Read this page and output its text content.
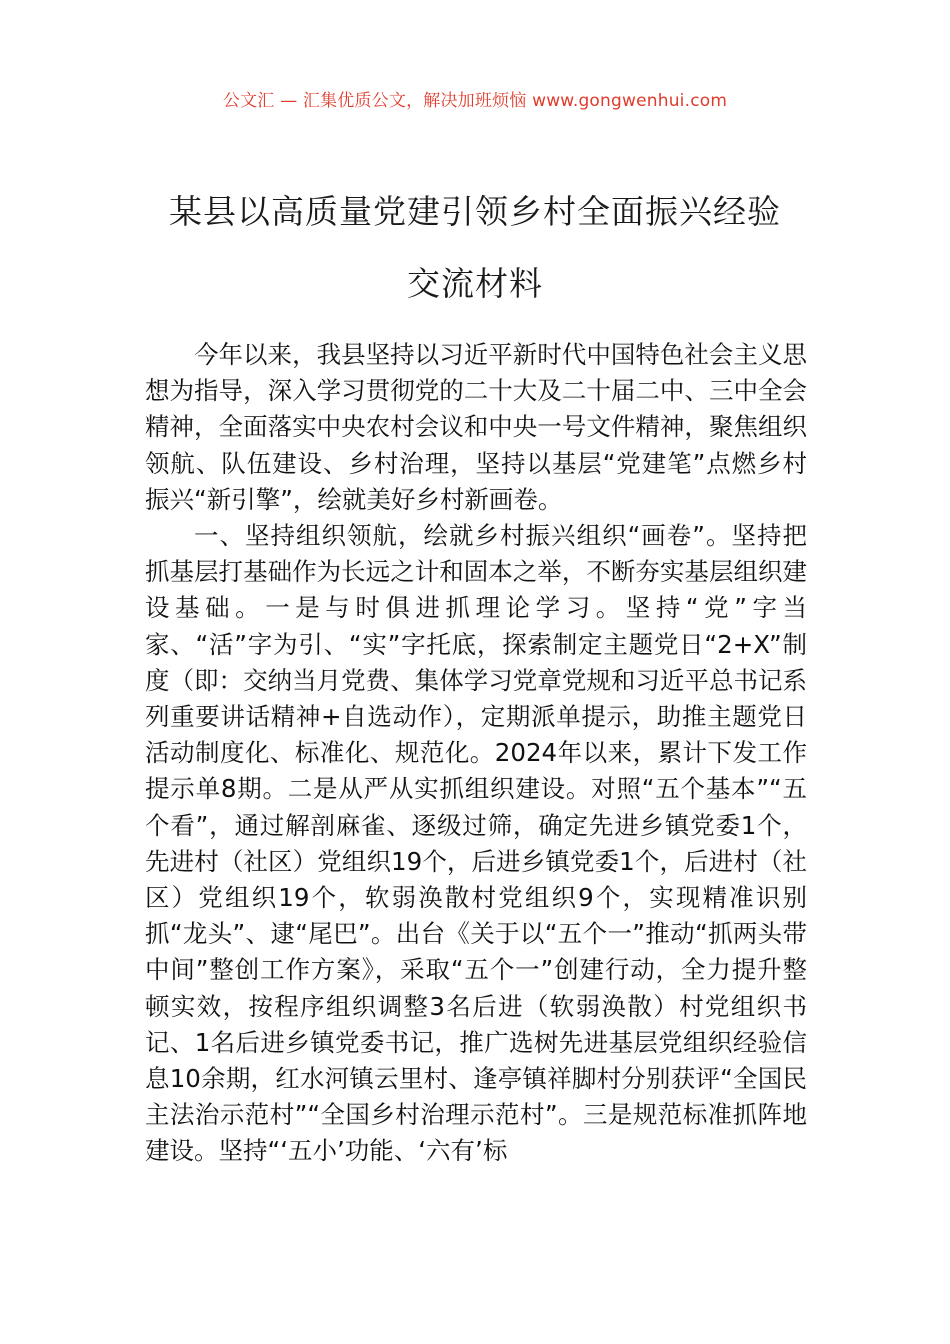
公文汇 — 汇集优质公文，解决加班烦恼 www.gongwenhui.com
某县以高质量党建引领乡村全面振兴经验
交流材料

今年以来，我县坚持以习近平新时代中国特色社会主义思想为指导，深入学习贯彻党的二十大及二十届二中、三中全会精神，全面落实中央农村会议和中央一号文件精神，聚焦组织领航、队伍建设、乡村治理，坚持以基层“党建笔”点燃乡村振兴“新引擎”，绘就美好乡村新画卷。

一、坚持组织领航，绘就乡村振兴组织“画卷”。坚持把抓基层打基础作为长远之计和固本之举，不断夯实基层组织建设基础。一是与时俱进抓理论学习。坚持“党”字当家、“活”字为引、“实”字托底，探索制定主题党日“2+X”制度（即：交纳当月党费、集体学习党章党规和习近平总书记系列重要讲话精神+自选动作），定期派单提示，助推主题党日活动制度化、标准化、规范化。2024年以来，累计下发工作提示单8期。二是从严从实抓组织建设。对照“五个基本”“五个看”，通过解剖麻雀、逐级过筛，确定先进乡镇党委1个，先进村（社区）党组织19个，后进乡镇党委1个，后进村（社区）党组织19个，软弱涣散村党组织9个，实现精准识别抓“龙头”、逮“尾巴”。出台《关于以“五个一”推动“抓两头带中间”整创工作方案》，采取“五个一”创建行动，全力提升整顿实效，按程序组织调整3名后进（软弱涣散）村党组织书记、1名后进乡镇党委书记，推广选树先进基层党组织经验信息10余期，红水河镇云里村、逢亭镇祥脚村分别获评“全国民主法治示范村”“全国乡村治理示范村”。三是规范标准抓阵地建设。坚持“‘五小’功能、‘六有’标
